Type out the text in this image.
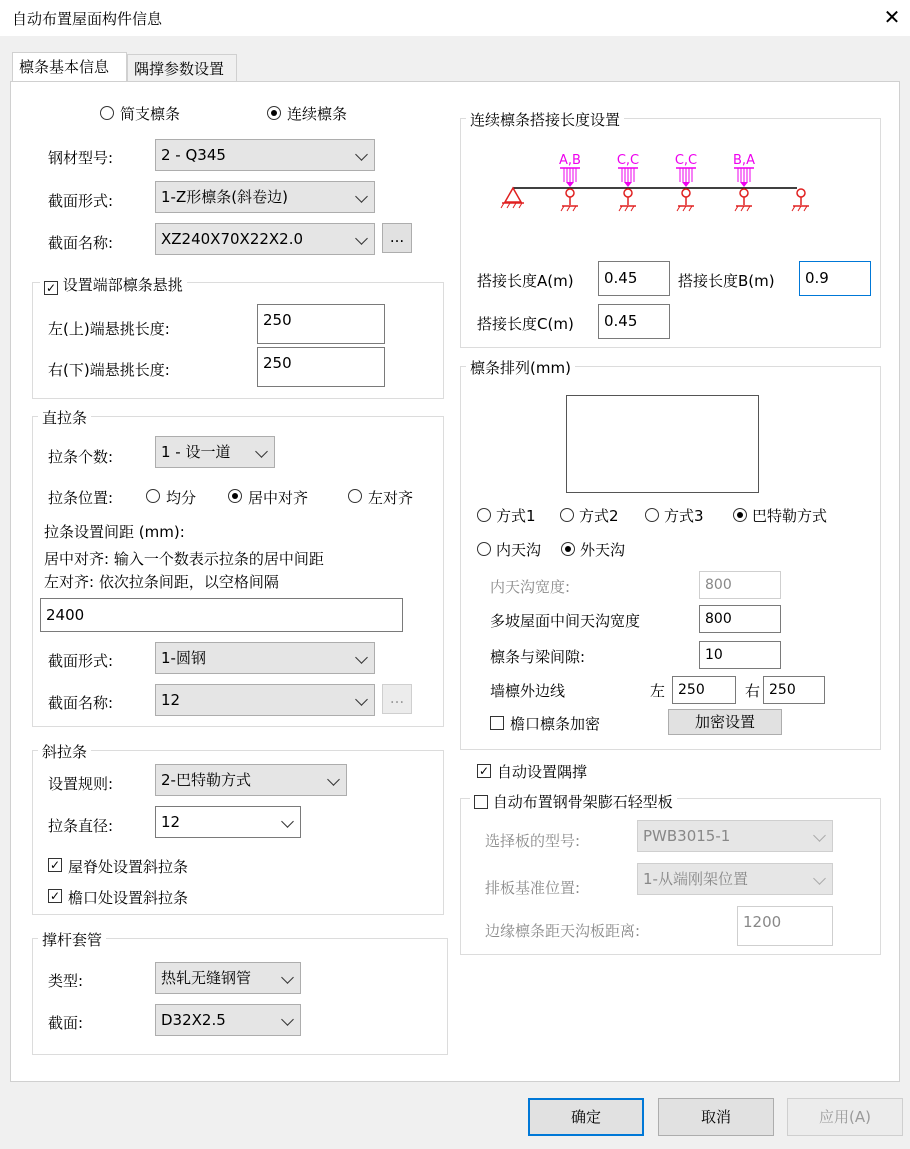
自动布置屋面构件信息	✕
檩条基本信息	隅撑参数设置
简支檩条	连续檩条
钢材型号:	2 - Q345
截面形式:	1-Z形檩条(斜卷边)
截面名称:	XZ240X70X22X2.0	...
✓ 设置端部檩条悬挑
左(上)端悬挑长度:	250
右(下)端悬挑长度:	250
直拉条
拉条个数:	1 - 设一道
拉条位置:	均分	居中对齐	左对齐
拉条设置间距 (mm):
居中对齐: 输入一个数表示拉条的居中间距
左对齐: 依次拉条间距，以空格间隔
2400
截面形式:	1-圆钢
截面名称:	12	...
斜拉条
设置规则:	2-巴特勒方式
拉条直径:	12
✓ 屋脊处设置斜拉条
✓ 檐口处设置斜拉条
撑杆套管
类型:	热轧无缝钢管
截面:	D32X2.5
连续檩条搭接长度设置
A,B	C,C	C,C	B,A
搭接长度A(m)	0.45	搭接长度B(m)	0.9
搭接长度C(m)	0.45
檩条排列(mm)
方式1	方式2	方式3	巴特勒方式
内天沟	外天沟
内天沟宽度:	800
多坡屋面中间天沟宽度	800
檩条与梁间隙:	10
墙檩外边线	左 250	右 250
檐口檩条加密	加密设置
✓ 自动设置隅撑
自动布置钢骨架膨石轻型板
选择板的型号:	PWB3015-1
排板基准位置:	1-从端刚架位置
边缘檩条距天沟板距离:	1200
确定	取消	应用(A)
